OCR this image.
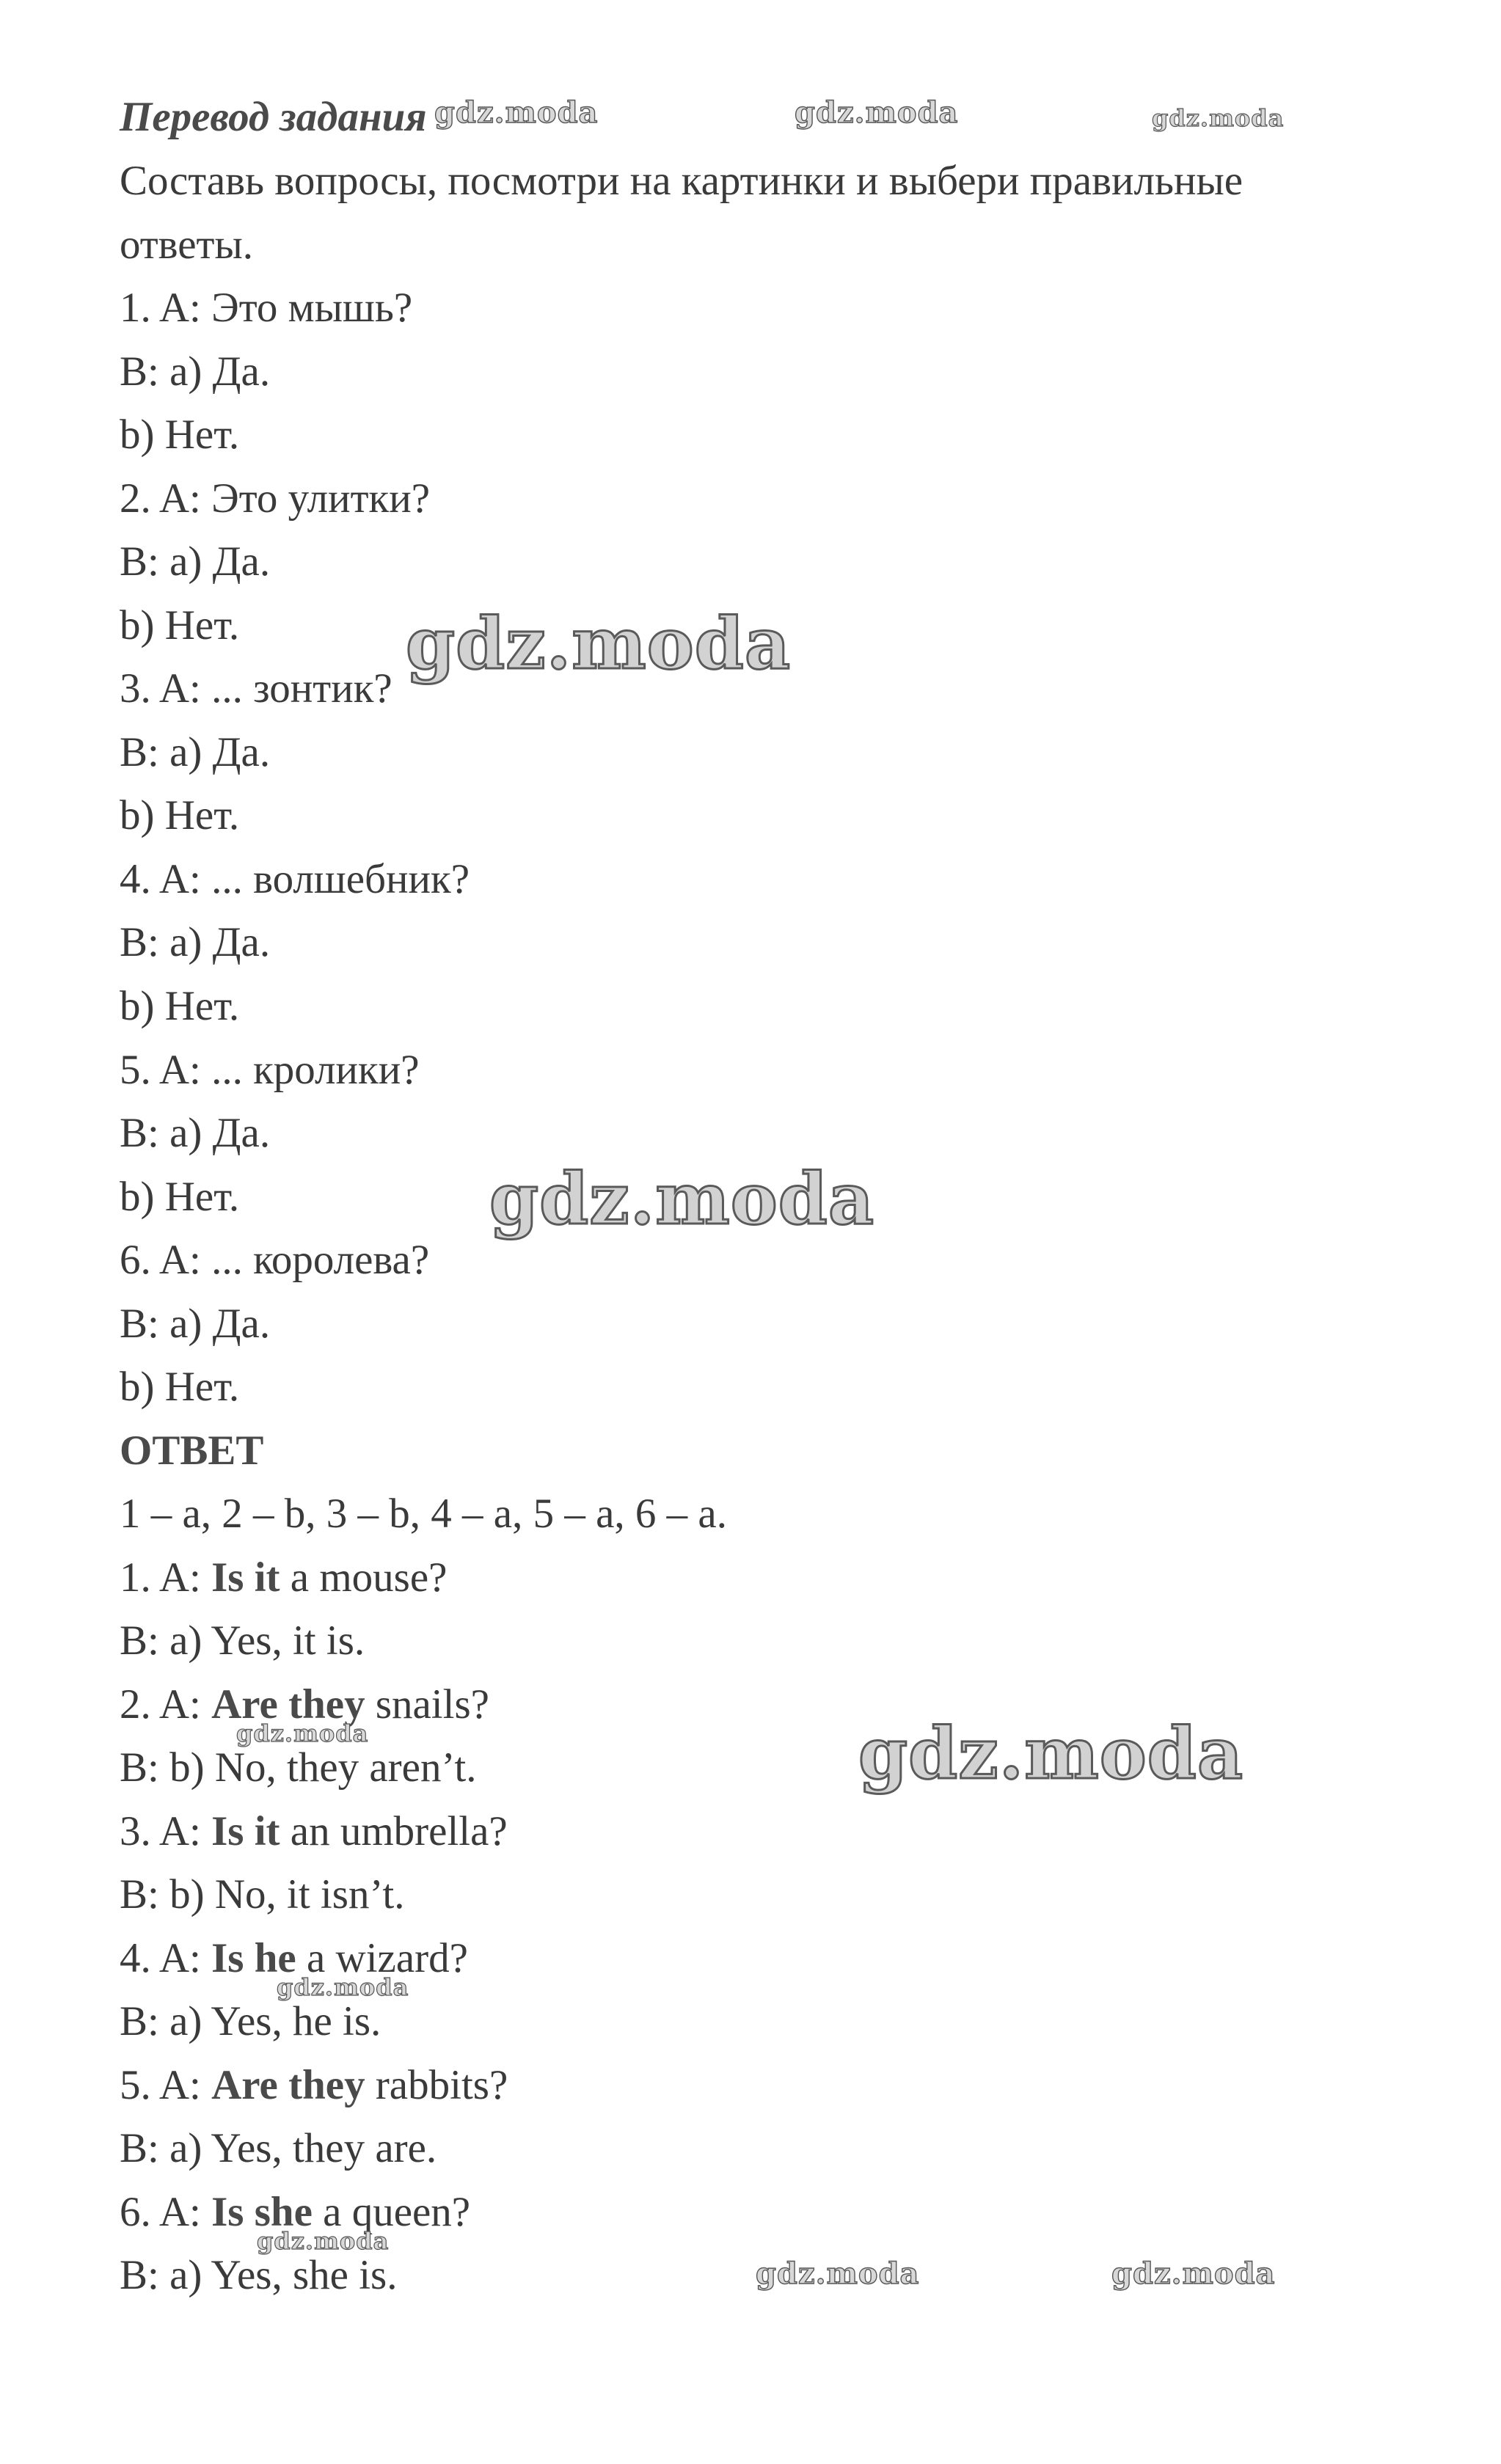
Перевод задания
Составь вопросы, посмотри на картинки и выбери правильные
ответы.
1. A: Это мышь?
B: a) Да.
b) Нет.
2. A: Это улитки?
B: a) Да.
b) Нет.
3. A: ... зонтик?
B: a) Да.
b) Нет.
4. A: ... волшебник?
B: a) Да.
b) Нет.
5. A: ... кролики?
B: a) Да.
b) Нет.
6. A: ... королева?
B: a) Да.
b) Нет.
ОТВЕТ
1 – a, 2 – b, 3 – b, 4 – a, 5 – a, 6 – a.
1. A: Is it a mouse?
B: a) Yes, it is.
2. A: Are they snails?
B: b) No, they aren’t.
3. A: Is it an umbrella?
B: b) No, it isn’t.
4. A: Is he a wizard?
B: a) Yes, he is.
5. A: Are they rabbits?
B: a) Yes, they are.
6. A: Is she a queen?
B: a) Yes, she is.
gdz.moda	gdz.moda	gdz.moda
gdz.moda
gdz.moda
gdz.moda
gdz.moda
gdz.moda
gdz.moda
gdz.moda	gdz.moda
